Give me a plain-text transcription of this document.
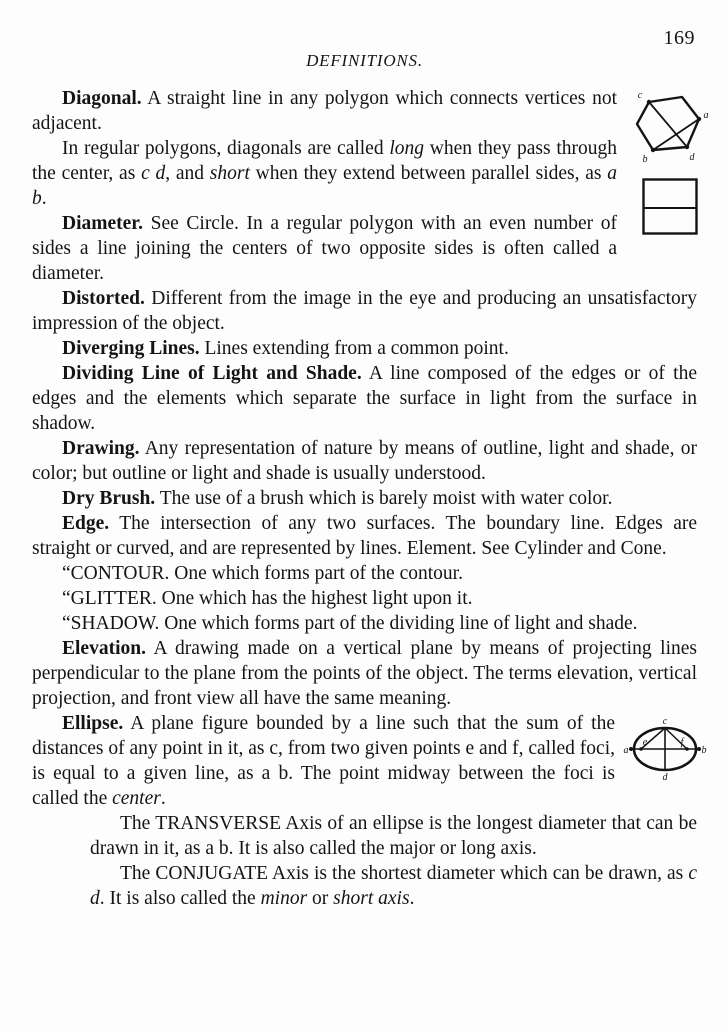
169
DEFINITIONS.
c
a
d
b

Diagonal. A straight line in any polygon which connects vertices not adjacent.

In regular polygons, diagonals are called long when they pass through the center, as c d, and short when they extend between parallel sides, as a b.

Diameter. See Circle. In a regular polygon with an even number of sides a line joining the centers of two opposite sides is often called a diameter.

Distorted. Different from the image in the eye and producing an unsatisfactory impression of the object.

Diverging Lines. Lines extending from a common point.

Dividing Line of Light and Shade. A line composed of the edges or of the edges and the elements which separate the surface in light from the surface in shadow.

Drawing. Any representation of nature by means of outline, light and shade, or color; but outline or light and shade is usually understood.

Dry Brush. The use of a brush which is barely moist with water color.

Edge. The intersection of any two surfaces. The boundary line. Edges are straight or curved, and are represented by lines. Element. See Cylinder and Cone.

“CONTOUR. One which forms part of the contour.

“GLITTER. One which has the highest light upon it.

“SHADOW. One which forms part of the dividing line of light and shade.

Elevation. A drawing made on a vertical plane by means of projecting lines perpendicular to the plane from the points of the object. The terms elevation, vertical projection, and front view all have the same meaning.

c
d
a	b
e	f

Ellipse. A plane figure bounded by a line such that the sum of the distances of any point in it, as c, from two given points e and f, called foci, is equal to a given line, as a b. The point midway between the foci is called the center.

The TRANSVERSE Axis of an ellipse is the longest diameter that can be drawn in it, as a b. It is also called the major or long axis.

The CONJUGATE Axis is the shortest diameter which can be drawn, as c d. It is also called the minor or short axis.
